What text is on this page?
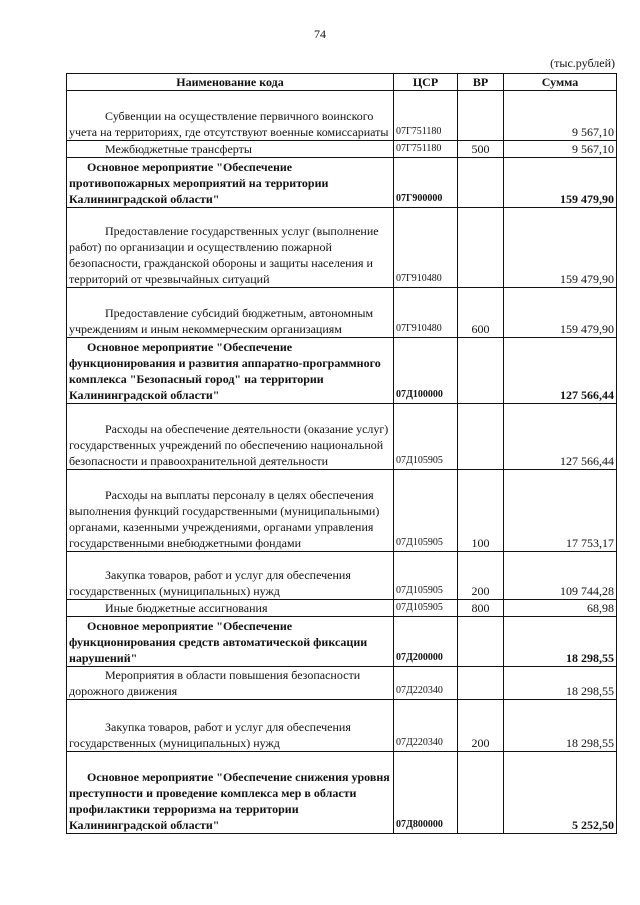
74
(тыс.рублей)
Наименование кода	ЦСР	ВР	Сумма
Субвенции на осуществление первичного воинского учета на территориях, где отсутствуют военные комиссариаты	07Г751180		9 567,10
Межбюджетные трансферты	07Г751180	500	9 567,10
Основное мероприятие "Обеспечение противопожарных мероприятий на территории Калининградской области"	07Г900000		159 479,90
Предоставление государственных услуг (выполнение работ) по организации и осуществлению пожарной безопасности, гражданской обороны и защиты населения и территорий от чрезвычайных ситуаций	07Г910480		159 479,90
Предоставление субсидий бюджетным, автономным учреждениям и иным некоммерческим организациям	07Г910480	600	159 479,90
Основное мероприятие "Обеспечение функционирования и развития аппаратно-программного комплекса "Безопасный город" на территории Калининградской области"	07Д100000		127 566,44
Расходы на обеспечение деятельности (оказание услуг) государственных учреждений по обеспечению национальной безопасности и правоохранительной деятельности	07Д105905		127 566,44
Расходы на выплаты персоналу в целях обеспечения выполнения функций государственными (муниципальными) органами, казенными учреждениями, органами управления государственными внебюджетными фондами	07Д105905	100	17 753,17
Закупка товаров, работ и услуг для обеспечения государственных (муниципальных) нужд	07Д105905	200	109 744,28
Иные бюджетные ассигнования	07Д105905	800	68,98
Основное мероприятие "Обеспечение функционирования средств автоматической фиксации нарушений"	07Д200000		18 298,55
Мероприятия в области повышения безопасности дорожного движения	07Д220340		18 298,55
Закупка товаров, работ и услуг для обеспечения государственных (муниципальных) нужд	07Д220340	200	18 298,55
Основное мероприятие "Обеспечение снижения уровня преступности и проведение комплекса мер в области профилактики терроризма на территории Калининградской области"	07Д800000		5 252,50
